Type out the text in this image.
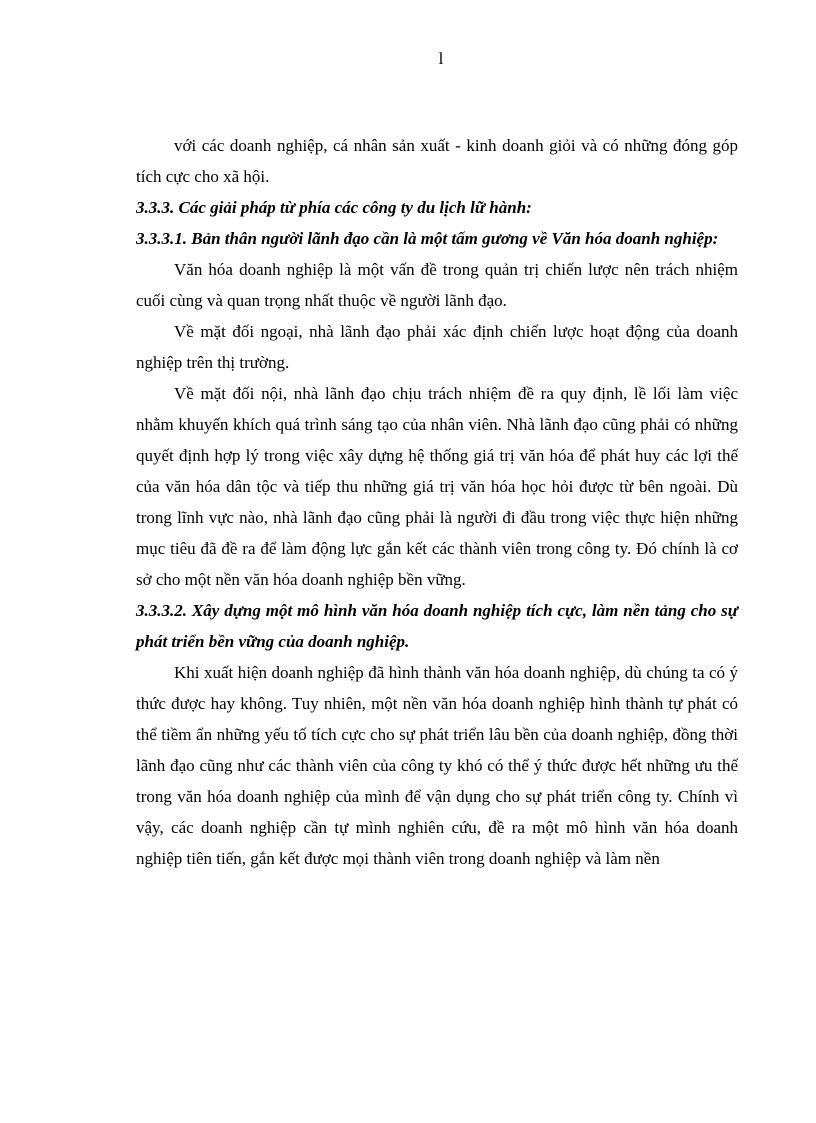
l

với các doanh nghiệp, cá nhân sản xuất - kinh doanh giỏi và có những đóng góp tích cực cho xã hội.

3.3.3. Các giải pháp từ phía các công ty du lịch lữ hành:

3.3.3.1. Bản thân người lãnh đạo cần là một tấm gương về Văn hóa doanh nghiệp:

Văn hóa doanh nghiệp là một vấn đề trong quản trị chiến lược nên trách nhiệm cuối cùng và quan trọng nhất thuộc về người lãnh đạo.

Về mặt đối ngoại, nhà lãnh đạo phải xác định chiến lược hoạt động của doanh nghiệp trên thị trường.

Về mặt đối nội, nhà lãnh đạo chịu trách nhiệm đề ra quy định, lề lối làm việc nhằm khuyến khích quá trình sáng tạo của nhân viên. Nhà lãnh đạo cũng phải có những quyết định hợp lý trong việc xây dựng hệ thống giá trị văn hóa để phát huy các lợi thế của văn hóa dân tộc và tiếp thu những giá trị văn hóa học hỏi được từ bên ngoài. Dù trong lĩnh vực nào, nhà lãnh đạo cũng phải là người đi đầu trong việc thực hiện những mục tiêu đã đề ra để làm động lực gắn kết các thành viên trong công ty. Đó chính là cơ sở cho một nền văn hóa doanh nghiệp bền vững.

3.3.3.2. Xây dựng một mô hình văn hóa doanh nghiệp tích cực, làm nền tảng cho sự phát triển bền vững của doanh nghiệp.

Khi xuất hiện doanh nghiệp đã hình thành văn hóa doanh nghiệp, dù chúng ta có ý thức được hay không. Tuy nhiên, một nền văn hóa doanh nghiệp hình thành tự phát có thể tiềm ẩn những yếu tố tích cực cho sự phát triển lâu bền của doanh nghiệp, đồng thời lãnh đạo cũng như các thành viên của công ty khó có thể ý thức được hết những ưu thế trong văn hóa doanh nghiệp của mình để vận dụng cho sự phát triển công ty. Chính vì vậy, các doanh nghiệp cần tự mình nghiên cứu, đề ra một mô hình văn hóa doanh nghiệp tiên tiến, gắn kết được mọi thành viên trong doanh nghiệp và làm nền
